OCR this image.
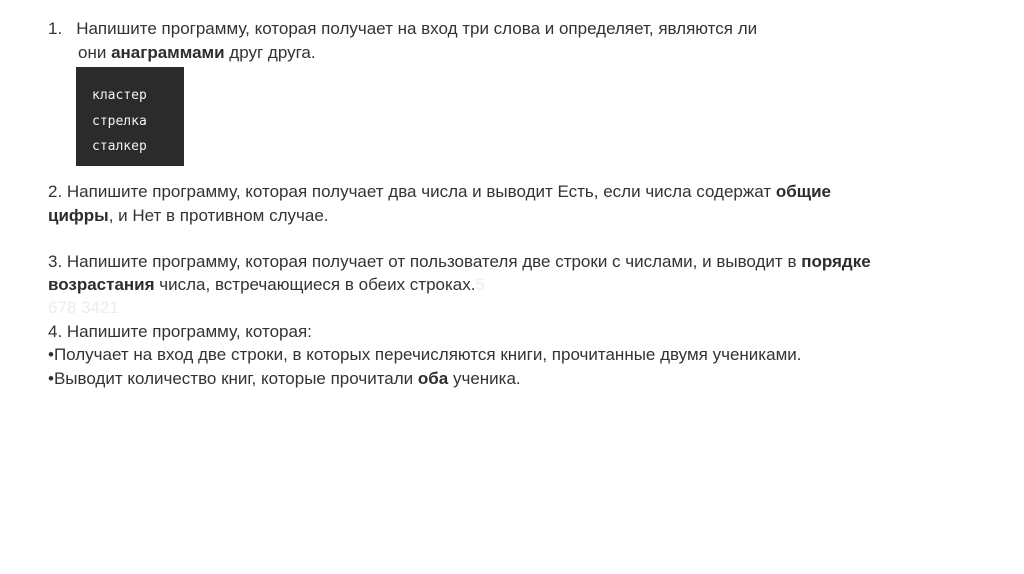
1. Напишите программу, которая получает на вход три слова и определяет, являются ли
они анаграммами друг друга.
кластер
стрелка
сталкер
2. Напишите программу, которая получает два числа и выводит Есть, если числа содержат общие
цифры, и Нет в противном случае.
3. Напишите программу, которая получает от пользователя две строки с числами, и выводит в порядке
возрастания числа, встречающиеся в обеих строках.5
678 3421
4. Напишите программу, которая:
•Получает на вход две строки, в которых перечисляются книги, прочитанные двумя учениками.
•Выводит количество книг, которые прочитали оба ученика.
